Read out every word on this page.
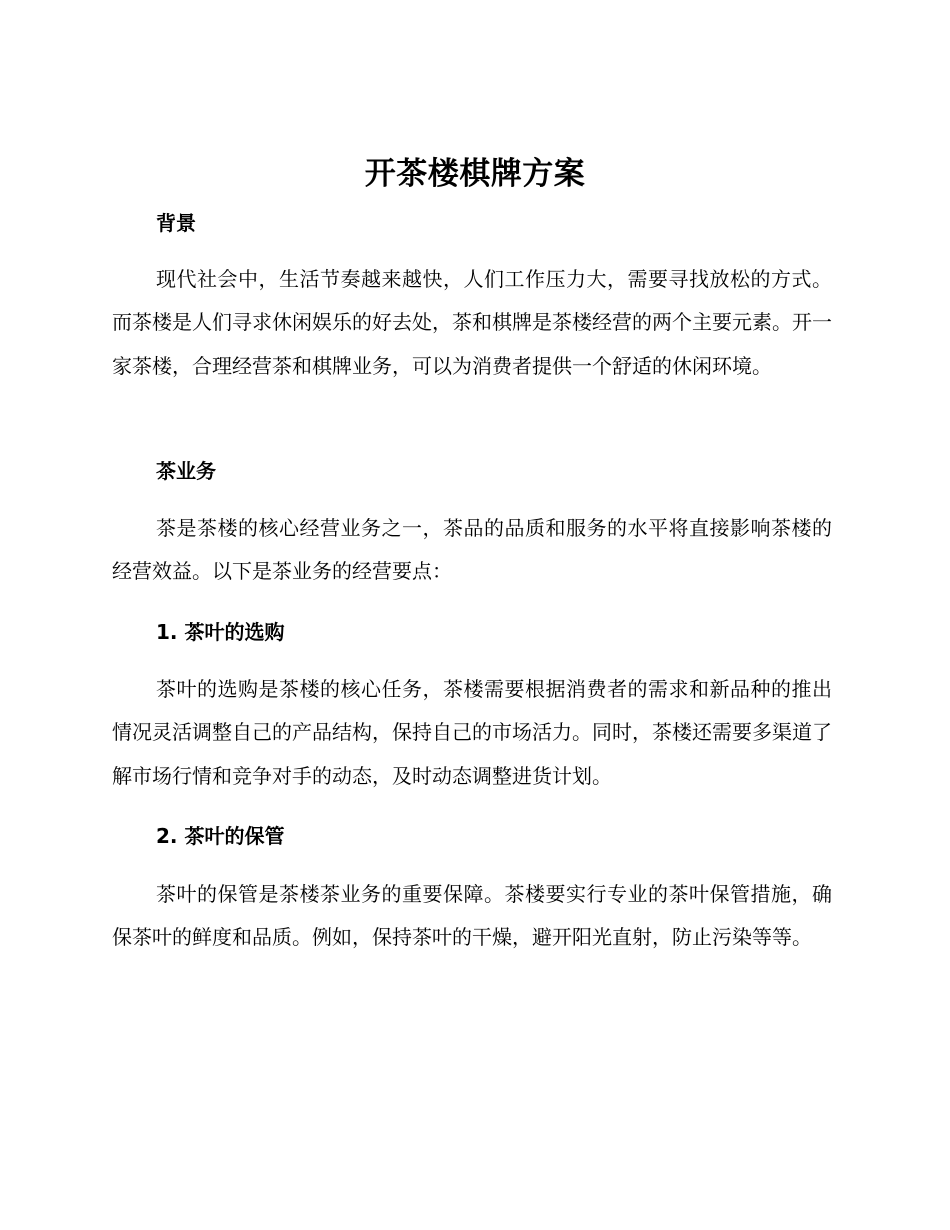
开茶楼棋牌方案
背景

现代社会中，生活节奏越来越快，人们工作压力大，需要寻找放松的方式。而茶楼是人们寻求休闲娱乐的好去处，茶和棋牌是茶楼经营的两个主要元素。开一家茶楼，合理经营茶和棋牌业务，可以为消费者提供一个舒适的休闲环境。

茶业务

茶是茶楼的核心经营业务之一，茶品的品质和服务的水平将直接影响茶楼的经营效益。以下是茶业务的经营要点：

1. 茶叶的选购

茶叶的选购是茶楼的核心任务，茶楼需要根据消费者的需求和新品种的推出情况灵活调整自己的产品结构，保持自己的市场活力。同时，茶楼还需要多渠道了解市场行情和竞争对手的动态，及时动态调整进货计划。

2. 茶叶的保管

茶叶的保管是茶楼茶业务的重要保障。茶楼要实行专业的茶叶保管措施，确保茶叶的鲜度和品质。例如，保持茶叶的干燥，避开阳光直射，防止污染等等。
